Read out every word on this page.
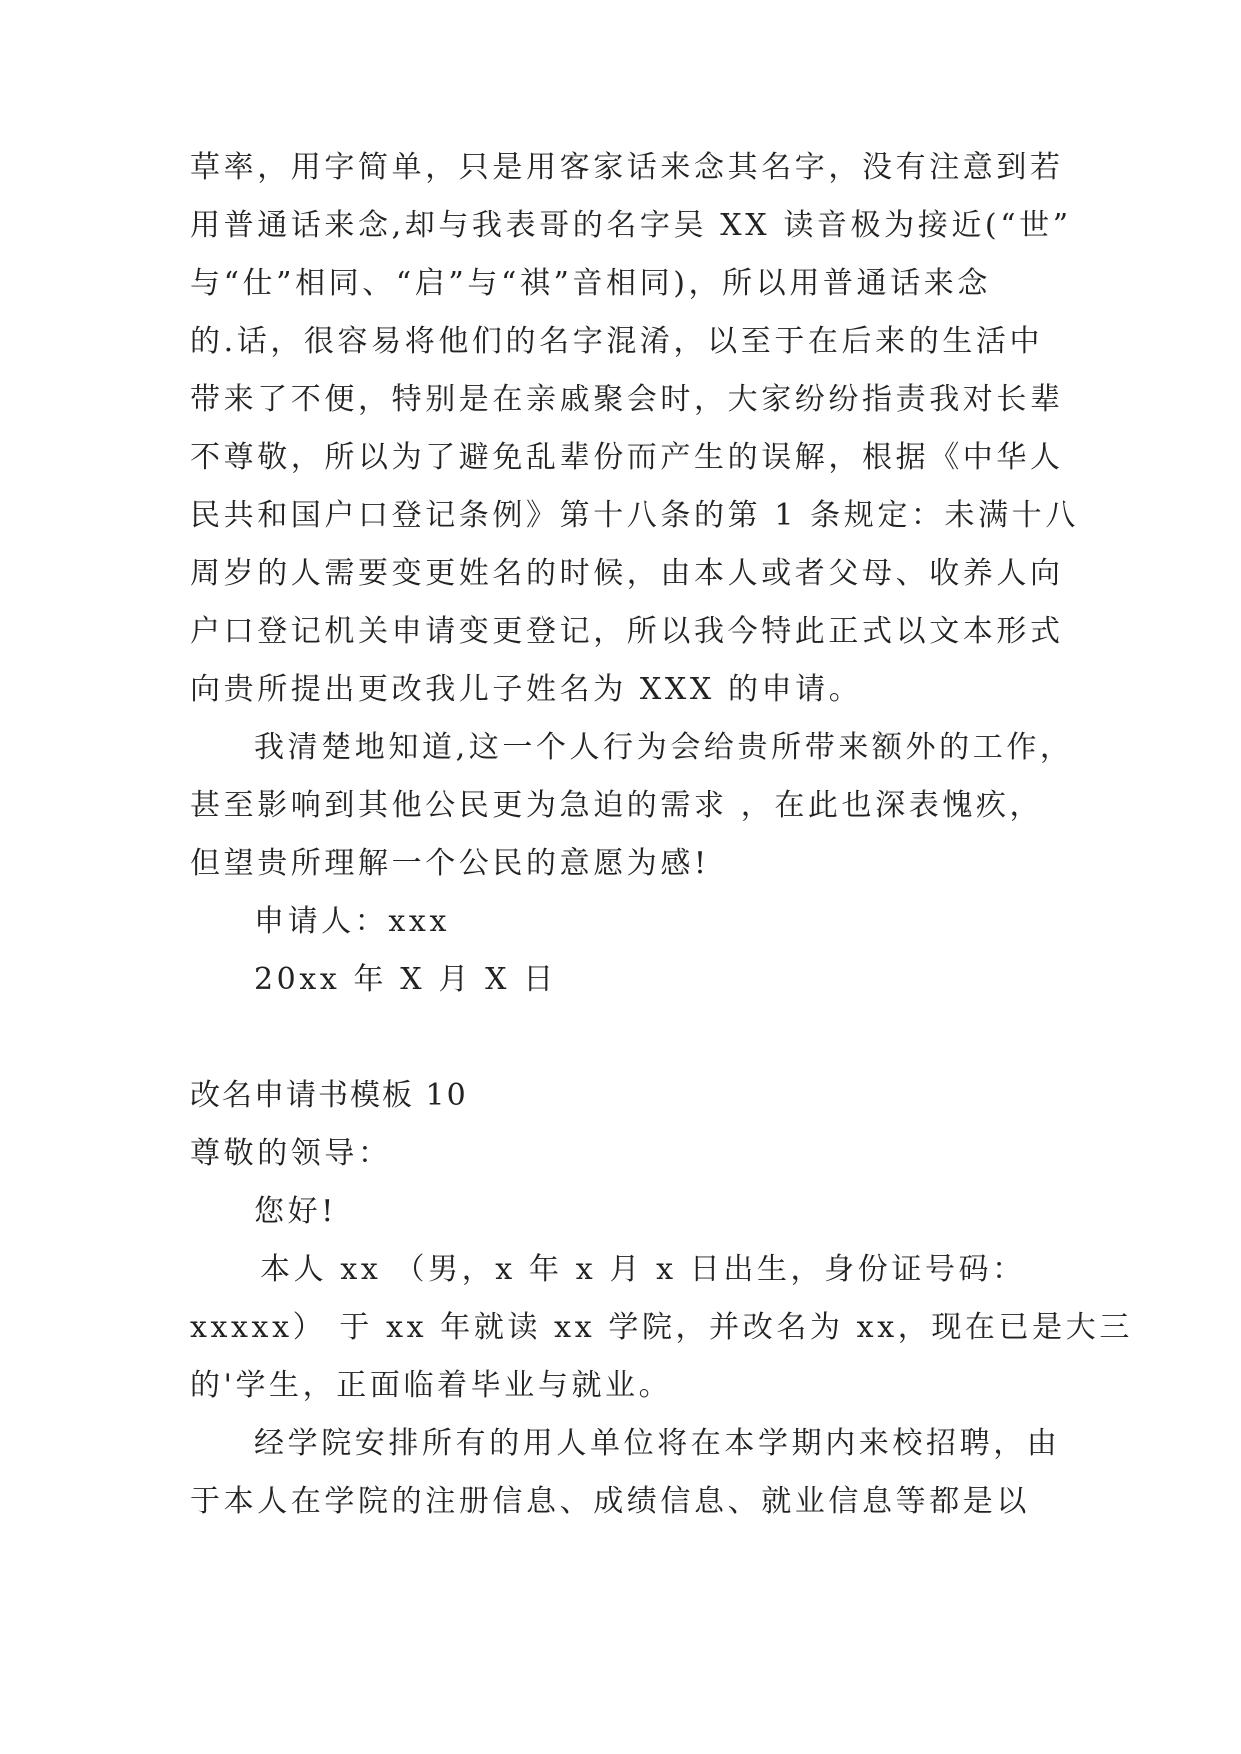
草率，用字简单，只是用客家话来念其名字，没有注意到若
用普通话来念,却与我表哥的名字吴 XX 读音极为接近(“世”
与“仕”相同、“启”与“祺”音相同)，所以用普通话来念
的.话，很容易将他们的名字混淆，以至于在后来的生活中
带来了不便，特别是在亲戚聚会时，大家纷纷指责我对长辈
不尊敬，所以为了避免乱辈份而产生的误解，根据《中华人
民共和国户口登记条例》第十八条的第 1 条规定：未满十八
周岁的人需要变更姓名的时候，由本人或者父母、收养人向
户口登记机关申请变更登记，所以我今特此正式以文本形式
向贵所提出更改我儿子姓名为 XXX 的申请。
我清楚地知道,这一个人行为会给贵所带来额外的工作，
甚至影响到其他公民更为急迫的需求 ，在此也深表愧疚，
但望贵所理解一个公民的意愿为感!
申请人：xxx
20xx 年 X 月 X 日
改名申请书模板 10
尊敬的领导：
您好!
本人 xx （男，x 年 x 月 x 日出生，身份证号码：
xxxxx） 于 xx 年就读 xx 学院，并改名为 xx，现在已是大三
的'学生，正面临着毕业与就业。
经学院安排所有的用人单位将在本学期内来校招聘，由
于本人在学院的注册信息、成绩信息、就业信息等都是以
